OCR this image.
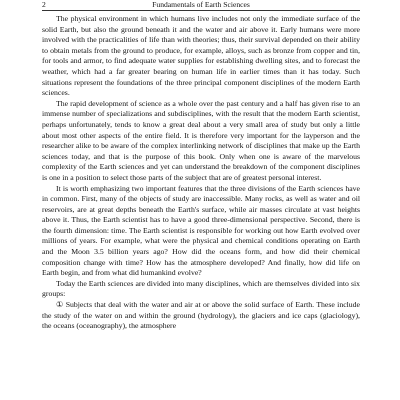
2	Fundamentals of Earth Sciences

The physical environment in which humans live includes not only the immediate surface of the solid Earth, but also the ground beneath it and the water and air above it. Early humans were more involved with the practicalities of life than with theories; thus, their survival depended on their ability to obtain metals from the ground to produce, for example, alloys, such as bronze from copper and tin, for tools and armor, to find adequate water supplies for establishing dwelling sites, and to forecast the weather, which had a far greater bearing on human life in earlier times than it has today. Such situations represent the foundations of the three principal component disciplines of the modern Earth sciences.

The rapid development of science as a whole over the past century and a half has given rise to an immense number of specializations and subdisciplines, with the result that the modern Earth scientist, perhaps unfortunately, tends to know a great deal about a very small area of study but only a little about most other aspects of the entire field. It is therefore very important for the layperson and the researcher alike to be aware of the complex interlinking network of disciplines that make up the Earth sciences today, and that is the purpose of this book. Only when one is aware of the marvelous complexity of the Earth sciences and yet can understand the breakdown of the component disciplines is one in a position to select those parts of the subject that are of greatest personal interest.

It is worth emphasizing two important features that the three divisions of the Earth sciences have in common. First, many of the objects of study are inaccessible. Many rocks, as well as water and oil reservoirs, are at great depths beneath the Earth's surface, while air masses circulate at vast heights above it. Thus, the Earth scientist has to have a good three-dimensional perspective. Second, there is the fourth dimension: time. The Earth scientist is responsible for working out how Earth evolved over millions of years. For example, what were the physical and chemical conditions operating on Earth and the Moon 3.5 billion years ago? How did the oceans form, and how did their chemical composition change with time? How has the atmosphere developed? And finally, how did life on Earth begin, and from what did humankind evolve?

Today the Earth sciences are divided into many disciplines, which are themselves divided into six groups:

① Subjects that deal with the water and air at or above the solid surface of Earth. These include the study of the water on and within the ground (hydrology), the glaciers and ice caps (glaciology), the oceans (oceanography), the atmosphere
